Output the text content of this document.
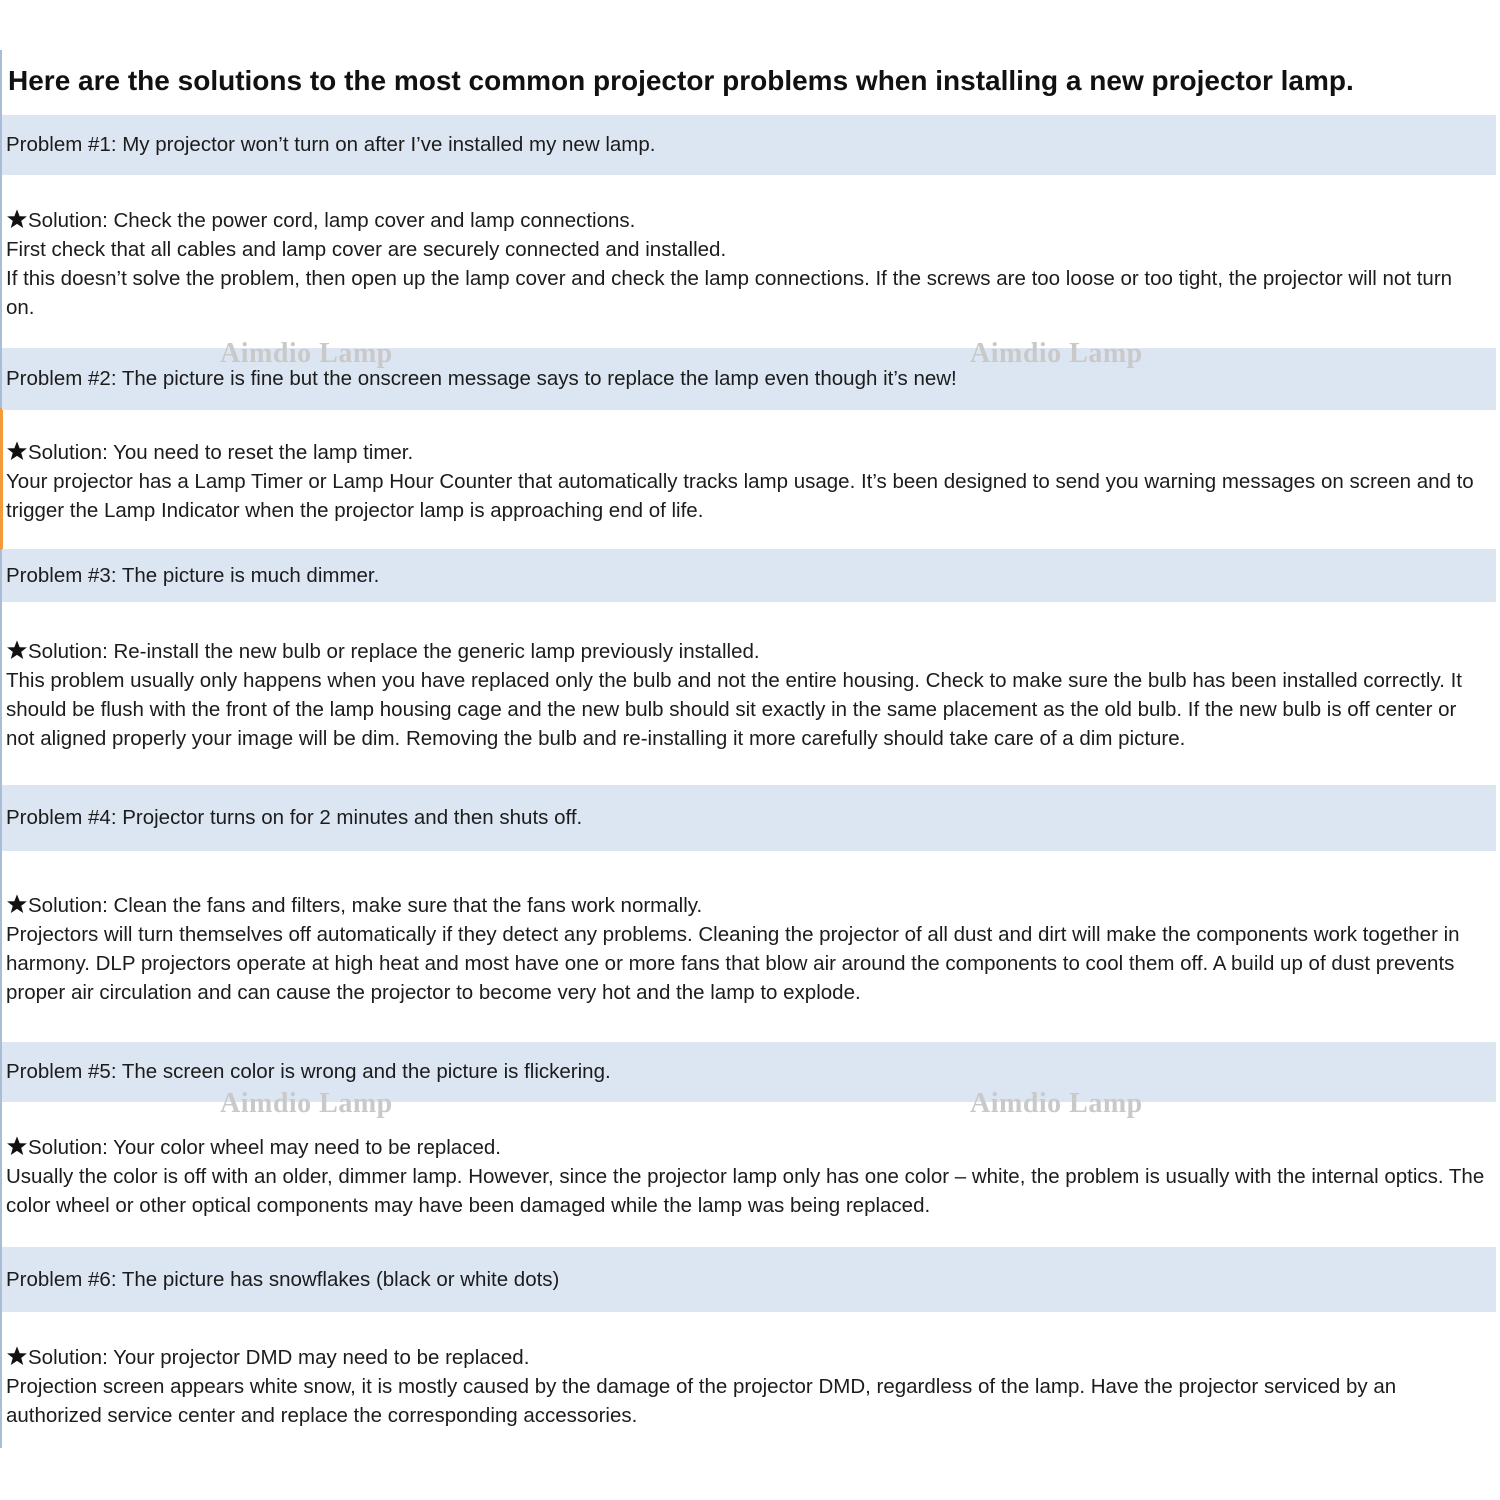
Here are the solutions to the most common projector problems when installing a new projector lamp.
Problem #1: My projector won’t turn on after I’ve installed my new lamp.
Solution: Check the power cord, lamp cover and lamp connections.
First check that all cables and lamp cover are securely connected and installed.
If this doesn’t solve the problem, then open up the lamp cover and check the lamp connections. If the screws are too loose or too tight, the projector will not turn on.
Problem #2: The picture is fine but the onscreen message says to replace the lamp even though it’s new!
Solution: You need to reset the lamp timer.
Your projector has a Lamp Timer or Lamp Hour Counter that automatically tracks lamp usage. It’s been designed to send you warning messages on screen and to trigger the Lamp Indicator when the projector lamp is approaching end of life.
Problem #3: The picture is much dimmer.
Solution: Re-install the new bulb or replace the generic lamp previously installed.
This problem usually only happens when you have replaced only the bulb and not the entire housing. Check to make sure the bulb has been installed correctly. It should be flush with the front of the lamp housing cage and the new bulb should sit exactly in the same placement as the old bulb. If the new bulb is off center or not aligned properly your image will be dim. Removing the bulb and re-installing it more carefully should take care of a dim picture.
Problem #4: Projector turns on for 2 minutes and then shuts off.
Solution: Clean the fans and filters, make sure that the fans work normally.
Projectors will turn themselves off automatically if they detect any problems. Cleaning the projector of all dust and dirt will make the components work together in harmony. DLP projectors operate at high heat and most have one or more fans that blow air around the components to cool them off. A build up of dust prevents proper air circulation and can cause the projector to become very hot and the lamp to explode.
Problem #5: The screen color is wrong and the picture is flickering.
Solution: Your color wheel may need to be replaced.
Usually the color is off with an older, dimmer lamp. However, since the projector lamp only has one color – white, the problem is usually with the internal optics. The color wheel or other optical components may have been damaged while the lamp was being replaced.
Problem #6: The picture has snowflakes (black or white dots)
Solution: Your projector DMD may need to be replaced.
Projection screen appears white snow, it is mostly caused by the damage of the projector DMD, regardless of the lamp. Have the projector serviced by an authorized service center and replace the corresponding accessories.
Aimdio Lamp	Aimdio Lamp
Aimdio Lamp	Aimdio Lamp
